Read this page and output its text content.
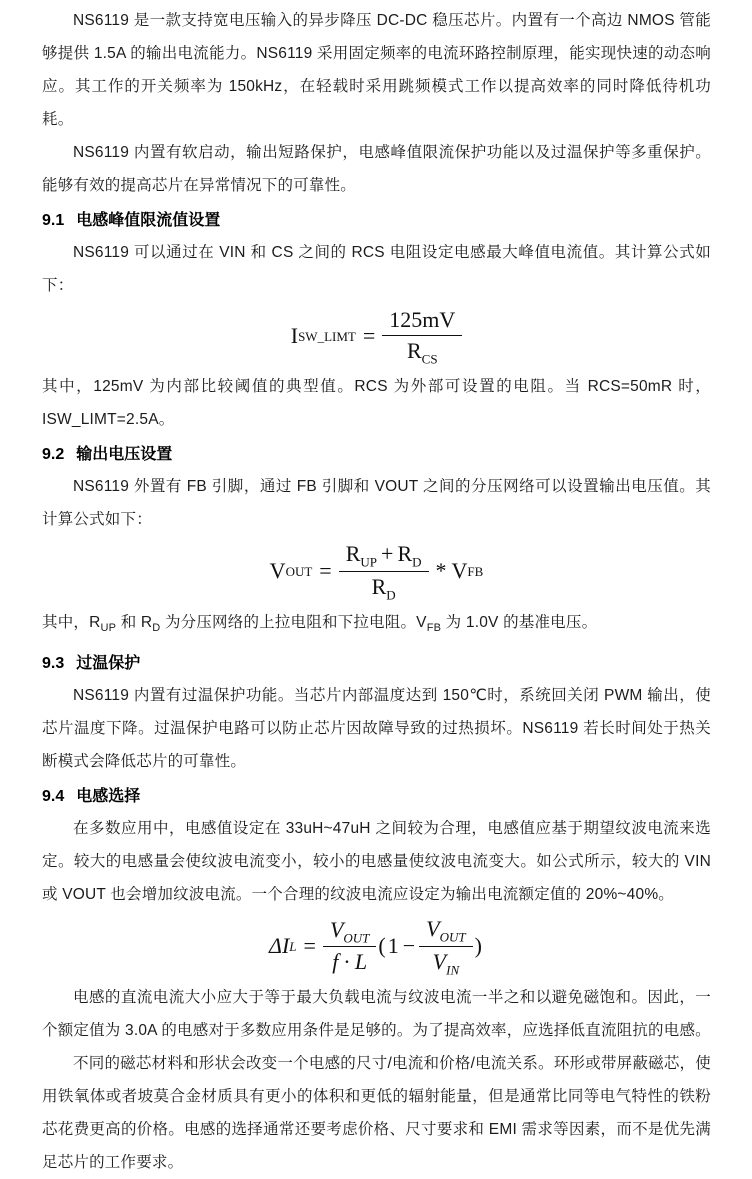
NS6119 是一款支持宽电压输入的异步降压 DC-DC 稳压芯片。内置有一个高边 NMOS 管能够提供 1.5A 的输出电流能力。NS6119 采用固定频率的电流环路控制原理，能实现快速的动态响应。其工作的开关频率为 150kHz，在轻载时采用跳频模式工作以提高效率的同时降低待机功耗。

NS6119 内置有软启动，输出短路保护，电感峰值限流保护功能以及过温保护等多重保护。能够有效的提高芯片在异常情况下的可靠性。

9.1 电感峰值限流值设置

NS6119 可以通过在 VIN 和 CS 之间的 RCS 电阻设定电感最大峰值电流值。其计算公式如下：

I SW_LIMT = $\frac{125mV}{R_{CS}}$

其中，125mV 为内部比较阈值的典型值。RCS 为外部可设置的电阻。当 RCS=50mR 时，ISW_LIMT=2.5A。

9.2 输出电压设置

NS6119 外置有 FB 引脚，通过 FB 引脚和 VOUT 之间的分压网络可以设置输出电压值。其计算公式如下：

V OUT = $\frac{R_{UP} + R_D}{R_D}$ * V FB

其中，$R_{UP}$ 和 $R_D$ 为分压网络的上拉电阻和下拉电阻。$V_{FB}$ 为 1.0V 的基准电压。

9.3 过温保护

NS6119 内置有过温保护功能。当芯片内部温度达到 150℃时，系统回关闭 PWM 输出，使芯片温度下降。过温保护电路可以防止芯片因故障导致的过热损坏。NS6119 若长时间处于热关断模式会降低芯片的可靠性。

9.4 电感选择

在多数应用中，电感值设定在 33uH~47uH 之间较为合理，电感值应基于期望纹波电流来选定。较大的电感量会使纹波电流变小，较小的电感量使纹波电流变大。如公式所示，较大的 VIN 或 VOUT 也会增加纹波电流。一个合理的纹波电流应设定为输出电流额定值的 20%~40%。

ΔI $L = \frac{V_{OUT}}{f \cdot L}$ ( $1 - \frac{V_{OUT}}{V_{IN}}$ )

电感的直流电流大小应大于等于最大负载电流与纹波电流一半之和以避免磁饱和。因此，一个额定值为 3.0A 的电感对于多数应用条件是足够的。为了提高效率，应选择低直流阻抗的电感。

不同的磁芯材料和形状会改变一个电感的尺寸/电流和价格/电流关系。环形或带屏蔽磁芯，使用铁氧体或者坡莫合金材质具有更小的体积和更低的辐射能量，但是通常比同等电气特性的铁粉芯花费更高的价格。电感的选择通常还要考虑价格、尺寸要求和 EMI 需求等因素，而不是优先满足芯片的工作要求。
